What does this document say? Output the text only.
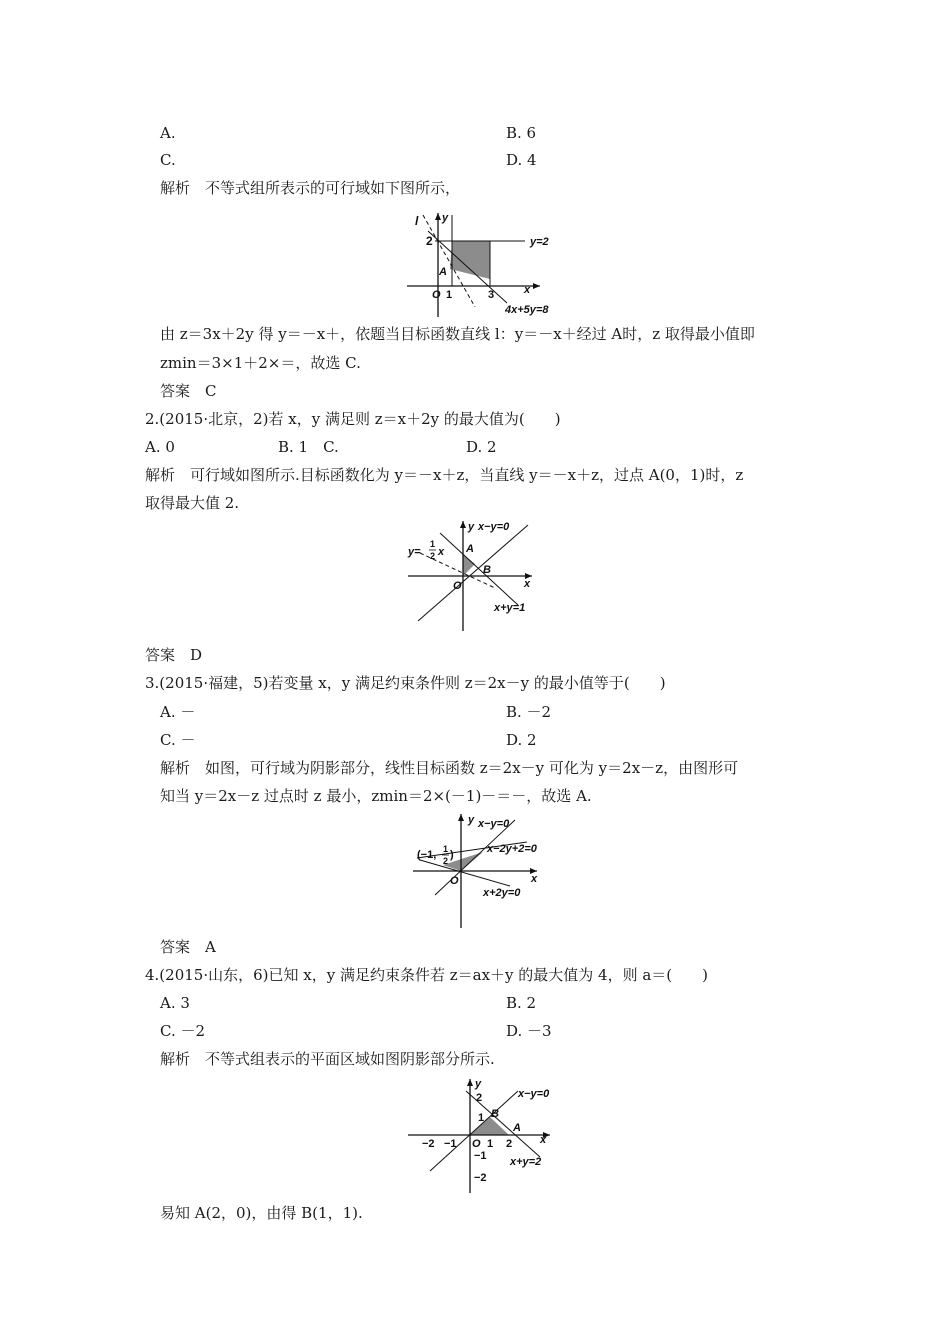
A.	B. 6
C.	D. 4
解析　不等式组所表示的可行域如下图所示，
l y
2	y=2
A
O 1	3	x
4x+5y=8
由 z＝3x＋2y 得 y＝－x＋，依题当目标函数直线 l：y＝－x＋经过 A时，z 取得最小值即
zmin＝3×1＋2×＝，故选 C.
答案　C
2.(2015·北京，2)若 x，y 满足则 z＝x＋2y 的最大值为(　　)
A. 0	B. 1　C.	D. 2
解析　可行域如图所示.目标函数化为 y＝－x＋z，当直线 y＝－x＋z，过点 A(0，1)时，z
取得最大值 2.
y x−y=0
y=
1
2 x A
B
x
O
x+y=1
答案　D
3.(2015·福建，5)若变量 x，y 满足约束条件则 z＝2x－y 的最小值等于(　　)
A. －	B. －2
C. －	D. 2
解析　如图，可行域为阴影部分，线性目标函数 z＝2x－y 可化为 y＝2x－z，由图形可
知当 y＝2x－z 过点时 z 最小，zmin＝2×(－1)－＝－，故选 A.
y x−y=0
(−1, 1
2 )	x−2y+2=0
x
O
x+2y=0
答案　A
4.(2015·山东，6)已知 x，y 满足约束条件若 z＝ax＋y 的最大值为 4，则 a＝(　　)
A. 3	B. 2
C. －2	D. －3
解析　不等式组表示的平面区域如图阴影部分所示.
y
2	x−y=0
1 B
A
−2 −1 O 1 2	x
−1 x+y=2
−2
易知 A(2，0)，由得 B(1，1).
